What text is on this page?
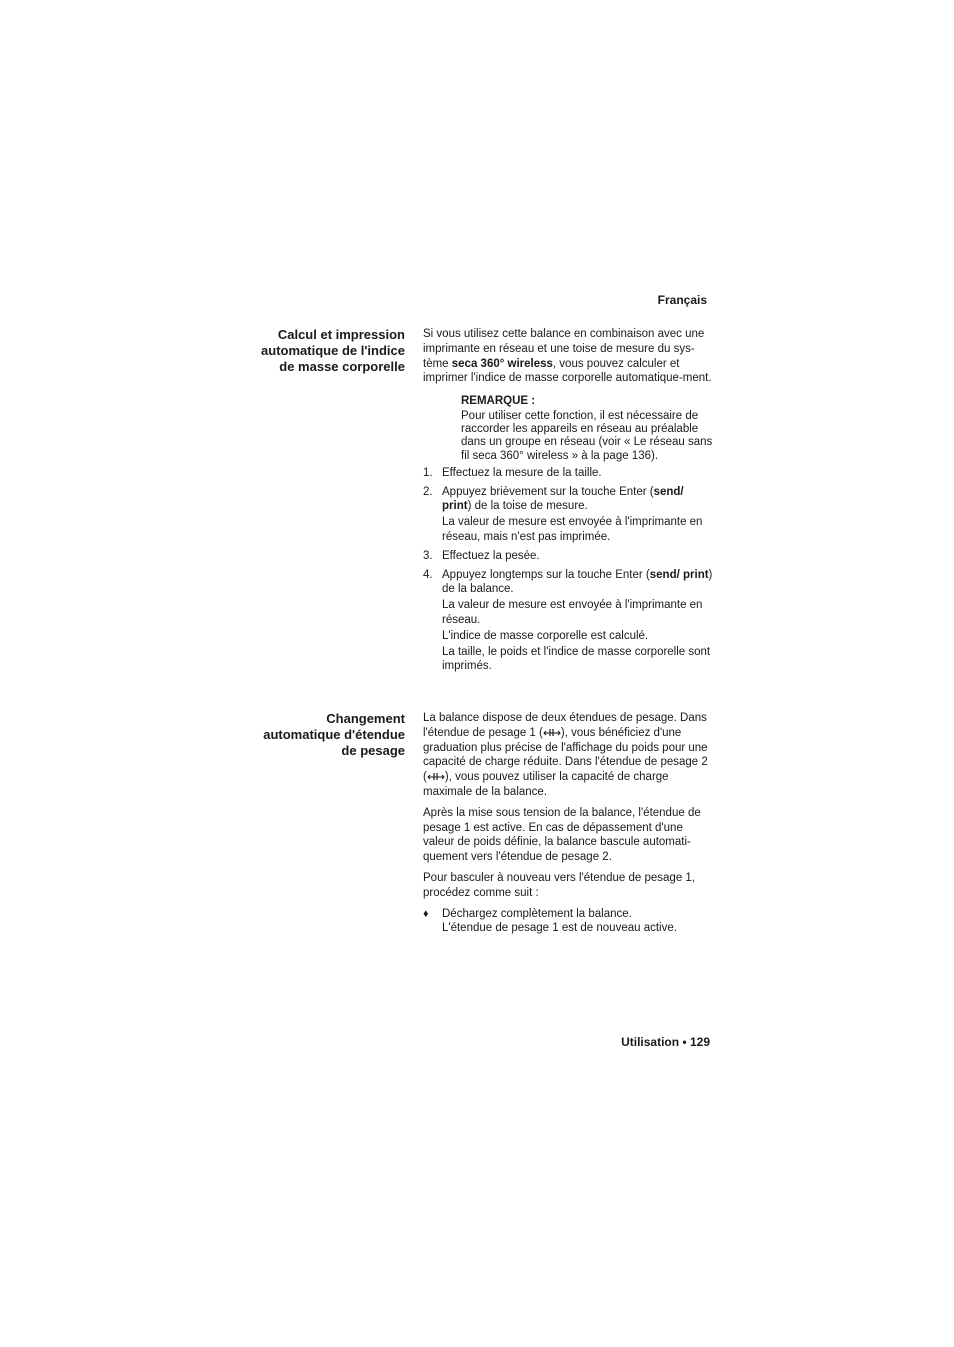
Français
Calcul et impression
automatique de l'indice
de masse corporelle

Si vous utilisez cette balance en combinaison avec une imprimante en réseau et une toise de mesure du sys-tème seca 360° wireless, vous pouvez calculer et imprimer l'indice de masse corporelle automatique-ment.

REMARQUE :
Pour utiliser cette fonction, il est nécessaire de raccorder les appareils en réseau au préalable dans un groupe en réseau (voir « Le réseau sans fil seca 360° wireless » à la page 136).
1. Effectuez la mesure de la taille.
2. Appuyez brièvement sur la touche Enter (send/ print) de la toise de mesure.
La valeur de mesure est envoyée à l'imprimante en réseau, mais n'est pas imprimée.
3. Effectuez la pesée.
4. Appuyez longtemps sur la touche Enter (send/ print) de la balance.
La valeur de mesure est envoyée à l'imprimante en réseau.
L'indice de masse corporelle est calculé.
La taille, le poids et l'indice de masse corporelle sont imprimés.
Changement
automatique d'étendue
de pesage

La balance dispose de deux étendues de pesage. Dans l'étendue de pesage 1 ( ), vous bénéficiez d'une graduation plus précise de l'affichage du poids pour une capacité de charge réduite. Dans l'étendue de pesage 2 ( ), vous pouvez utiliser la capacité de charge maximale de la balance.

Après la mise sous tension de la balance, l'étendue de pesage 1 est active. En cas de dépassement d'une valeur de poids définie, la balance bascule automati-quement vers l'étendue de pesage 2.

Pour basculer à nouveau vers l'étendue de pesage 1, procédez comme suit :

♦ Déchargez complètement la balance.
L'étendue de pesage 1 est de nouveau active.
Utilisation • 129
